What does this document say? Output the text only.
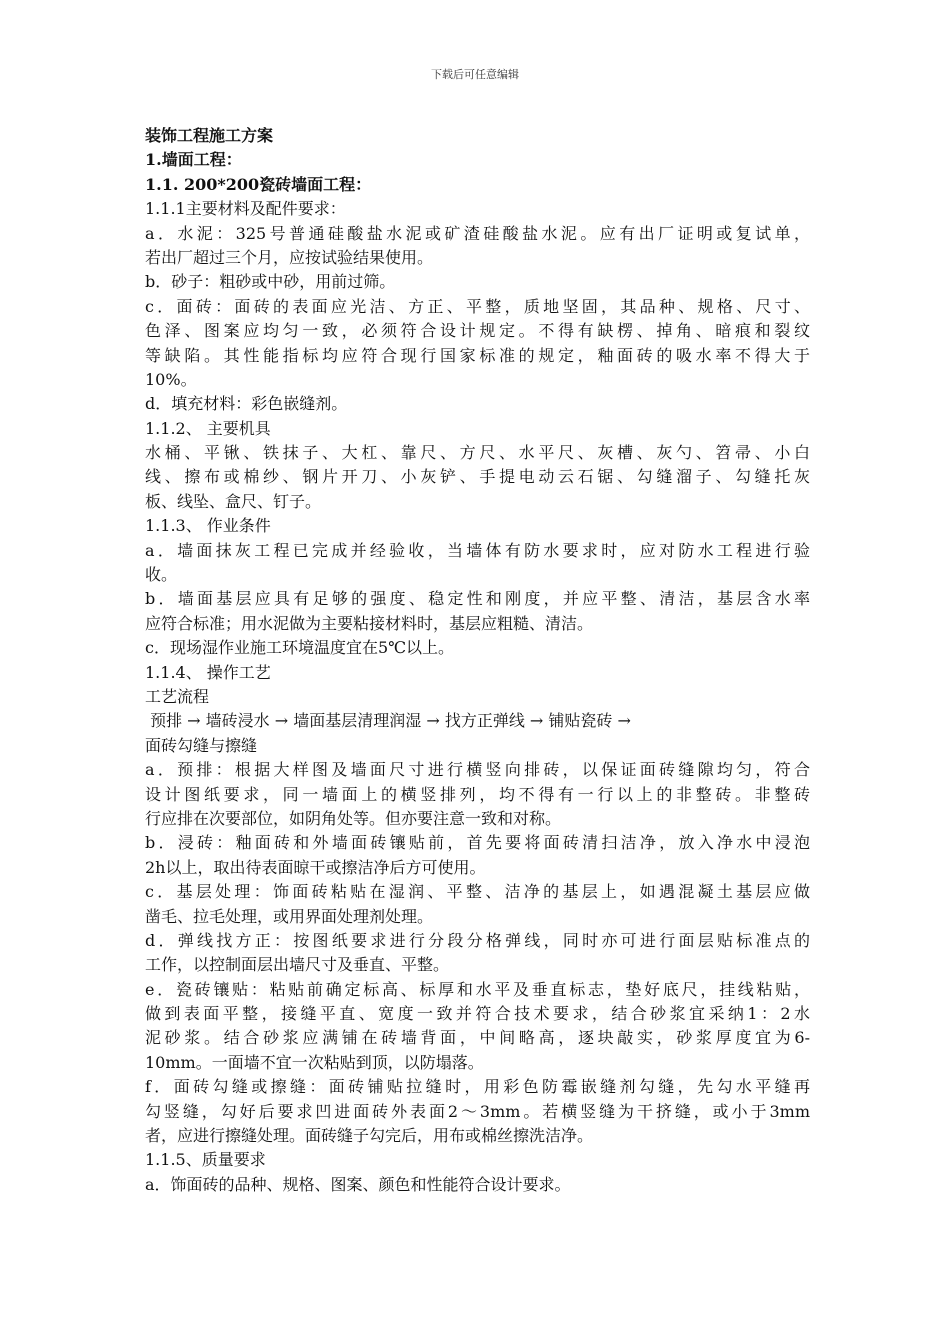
下载后可任意编辑
装饰工程施工方案
1.墙面工程：
1.1. 200*200瓷砖墙面工程：
1.1.1主要材料及配件要求：
a．水泥：325号普通硅酸盐水泥或矿渣硅酸盐水泥。应有出厂证明或复试单，
若出厂超过三个月，应按试验结果使用。
b．砂子：粗砂或中砂，用前过筛。
c．面砖：面砖的表面应光洁、方正、平整，质地坚固，其品种、规格、尺寸、
色泽、图案应均匀一致，必须符合设计规定。不得有缺楞、掉角、暗痕和裂纹
等缺陷。其性能指标均应符合现行国家标准的规定，釉面砖的吸水率不得大于
10%。
d．填充材料：彩色嵌缝剂。
1.1.2、 主要机具
水桶、平锹、铁抹子、大杠、靠尺、方尺、水平尺、灰槽、灰勺、笤帚、小白
线、擦布或棉纱、钢片开刀、小灰铲、手提电动云石锯、勾缝溜子、勾缝托灰
板、线坠、盒尺、钉子。
1.1.3、 作业条件
a．墙面抹灰工程已完成并经验收，当墙体有防水要求时，应对防水工程进行验
收。
b．墙面基层应具有足够的强度、稳定性和刚度，并应平整、清洁，基层含水率
应符合标准；用水泥做为主要粘接材料时，基层应粗糙、清洁。
c．现场湿作业施工环境温度宜在5℃以上。
1.1.4、 操作工艺
工艺流程
预排 → 墙砖浸水 → 墙面基层清理润湿 → 找方正弹线 → 铺贴瓷砖 →
面砖勾缝与擦缝
a．预排：根据大样图及墙面尺寸进行横竖向排砖，以保证面砖缝隙均匀，符合
设计图纸要求，同一墙面上的横竖排列，均不得有一行以上的非整砖。非整砖
行应排在次要部位，如阴角处等。但亦要注意一致和对称。
b．浸砖：釉面砖和外墙面砖镶贴前，首先要将面砖清扫洁净，放入净水中浸泡
2h以上，取出待表面晾干或擦洁净后方可使用。
c．基层处理：饰面砖粘贴在湿润、平整、洁净的基层上，如遇混凝土基层应做
凿毛、拉毛处理，或用界面处理剂处理。
d．弹线找方正：按图纸要求进行分段分格弹线，同时亦可进行面层贴标准点的
工作，以控制面层出墙尺寸及垂直、平整。
e．瓷砖镶贴：粘贴前确定标高、标厚和水平及垂直标志，垫好底尺，挂线粘贴，
做到表面平整，接缝平直、宽度一致并符合技术要求，结合砂浆宜采纳1：2水
泥砂浆。结合砂浆应满铺在砖墙背面，中间略高，逐块敲实，砂浆厚度宜为6-
10mm。一面墙不宜一次粘贴到顶，以防塌落。
f．面砖勾缝或擦缝：面砖铺贴拉缝时，用彩色防霉嵌缝剂勾缝，先勾水平缝再
勾竖缝，勾好后要求凹进面砖外表面2～3mm。若横竖缝为干挤缝，或小于3mm
者，应进行擦缝处理。面砖缝子勾完后，用布或棉丝擦洗洁净。
1.1.5、质量要求
a．饰面砖的品种、规格、图案、颜色和性能符合设计要求。
